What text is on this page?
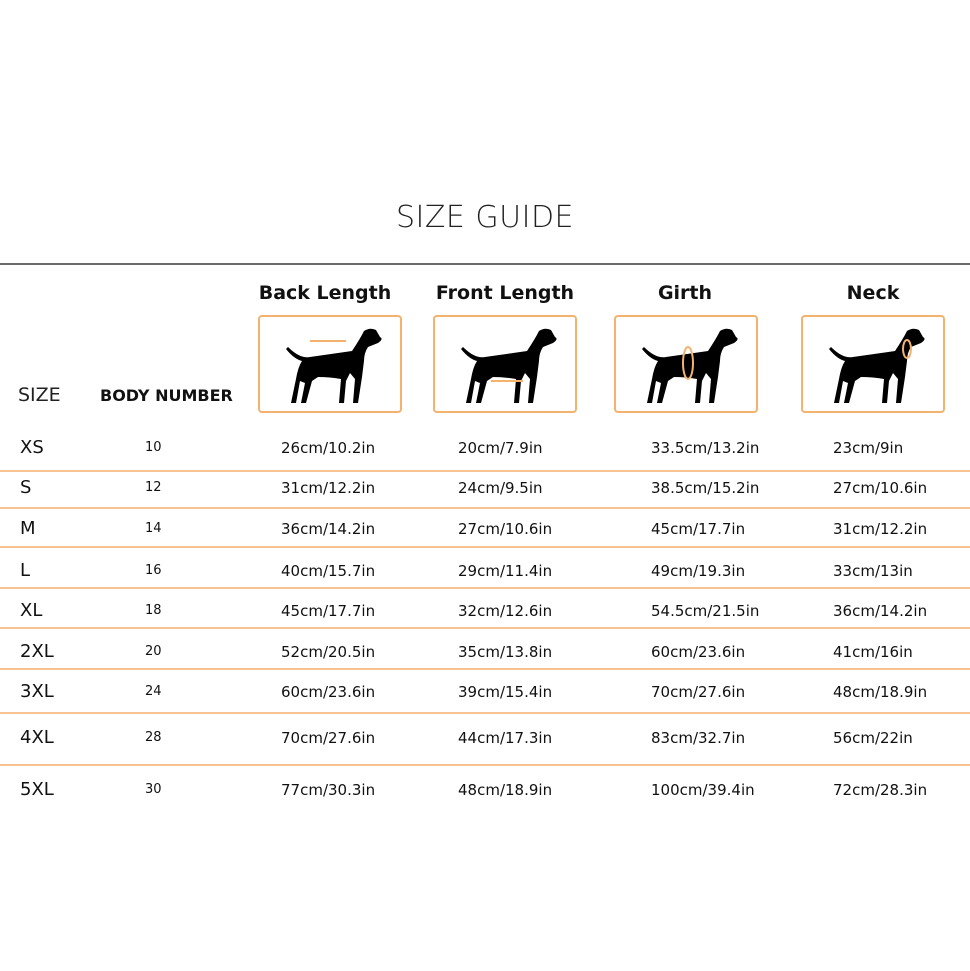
SIZE GUIDE
Back Length	Front Length	Girth	Neck
SIZE BODY NUMBER
XS	10	26cm/10.2in	20cm/7.9in	33.5cm/13.2in	23cm/9in
S	12	31cm/12.2in	24cm/9.5in	38.5cm/15.2in	27cm/10.6in
M	14	36cm/14.2in	27cm/10.6in	45cm/17.7in	31cm/12.2in
L	16	40cm/15.7in	29cm/11.4in	49cm/19.3in	33cm/13in
XL	18	45cm/17.7in	32cm/12.6in	54.5cm/21.5in	36cm/14.2in
2XL	20	52cm/20.5in	35cm/13.8in	60cm/23.6in	41cm/16in
3XL	24	60cm/23.6in	39cm/15.4in	70cm/27.6in	48cm/18.9in
4XL	28	70cm/27.6in	44cm/17.3in	83cm/32.7in	56cm/22in
5XL	30	77cm/30.3in	48cm/18.9in	100cm/39.4in	72cm/28.3in
